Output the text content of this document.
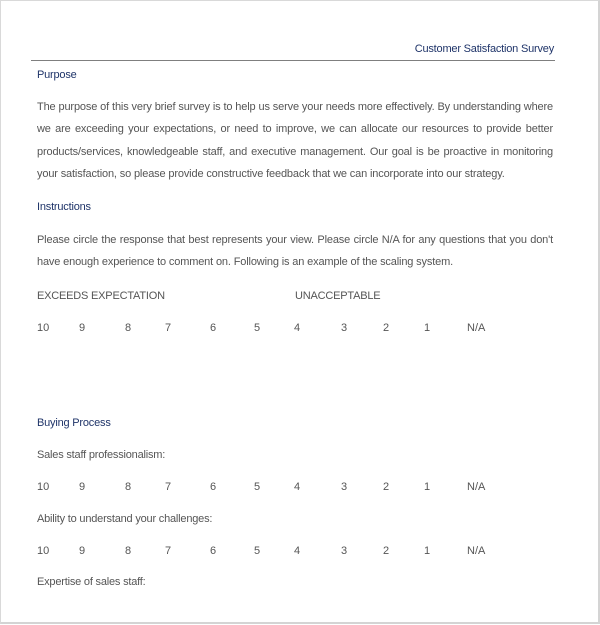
Customer Satisfaction Survey
Purpose
The purpose of this very brief survey is to help us serve your needs more effectively. By understanding where we are exceeding your expectations, or need to improve, we can allocate our resources to provide better products/services, knowledgeable staff, and executive management. Our goal is be proactive in monitoring your satisfaction, so please provide constructive feedback that we can incorporate into our strategy.
Instructions
Please circle the response that best represents your view. Please circle N/A for any questions that you don't have enough experience to comment on. Following is an example of the scaling system.
EXCEEDS EXPECTATION	UNACCEPTABLE
10	9	8	7	6	5	4	3	2	1	N/A
Buying Process
Sales staff professionalism:
10	9	8	7	6	5	4	3	2	1	N/A
Ability to understand your challenges:
10	9	8	7	6	5	4	3	2	1	N/A
Expertise of sales staff:
